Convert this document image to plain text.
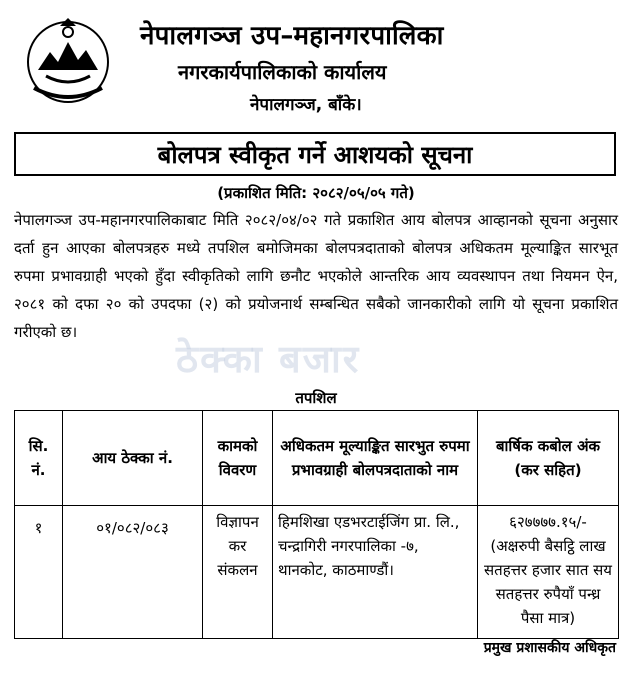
नेपालगञ्ज उप–महानगरपालिका
नगरकार्यपालिकाको कार्यालय
नेपालगञ्ज, बाँके।
बोलपत्र स्वीकृत गर्ने आशयको सूचना
(प्रकाशित मिति: २०८२/०५/०५ गते)
नेपालगञ्ज उप-महानगरपालिकाबाट मिति २०८२/०४/०२ गते प्रकाशित आय बोलपत्र आव्हानको सूचना अनुसार दर्ता हुन आएका बोलपत्रहरु मध्ये तपशिल बमोजिमका बोलपत्रदाताको बोलपत्र अधिकतम मूल्याङ्कित सारभूत रुपमा प्रभावग्राही भएको हुँदा स्वीकृतिको लागि छनौट भएकोले आन्तरिक आय व्यवस्थापन तथा नियमन ऐन, २०८१ को दफा २० को उपदफा (२) को प्रयोजनार्थ सम्बन्धित सबैको जानकारीको लागि यो सूचना प्रकाशित गरीएको छ।
ठेक्का बजार
तपशिल
सि. नं.	आय ठेक्का नं.	कामको विवरण	अधिकतम मूल्याङ्कित सारभुत रुपमा प्रभावग्राही बोलपत्रदाताको नाम	बार्षिक कबोल अंक (कर सहित)
१	०१/०८२/०८३	विज्ञापन कर संकलन	हिमशिखा एडभरटाईजिंग प्रा. लि., चन्द्रागिरी नगरपालिका -७, थानकोट, काठमाण्डौं।	६२७७७७.१५/- (अक्षरुपी बैसट्ठि लाख सतहत्तर हजार सात सय सतहत्तर रुपैयाँ पन्ध्र पैसा मात्र)
प्रमुख प्रशासकीय अधिकृत
